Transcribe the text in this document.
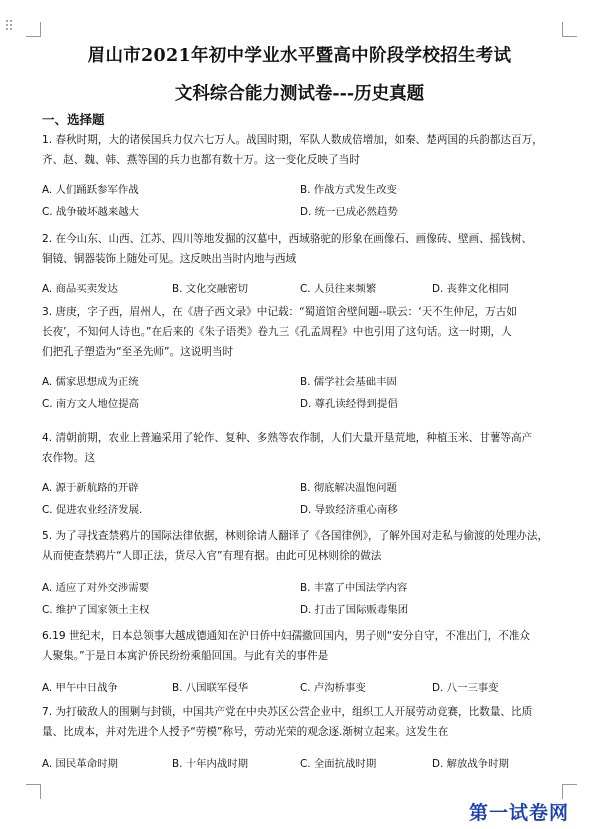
眉山市2021年初中学业水平暨高中阶段学校招生考试
文科综合能力测试卷---历史真题
一、选择题
1. 春秋时期，大的诸侯国兵力仅六七万人。战国时期，军队人数成倍增加，如秦、楚两国的兵韵都达百万，
齐、赵、魏、韩、燕等国的兵力也都有数十万。这一变化反映了当时
A. 人们踊跃参军作战	B. 作战方式发生改变
C. 战争破坏越来越大	D. 统一已成必然趋势
2. 在今山东、山西、江苏、四川等地发掘的汉墓中，西域骆驼的形象在画像石、画像砖、壁画、摇钱树、
铜镜、铜器装饰上随处可见。这反映出当时内地与西域
A. 商品买卖发达	B. 文化交融密切	C. 人员往来频繁	D. 丧葬文化相同
3. 唐庚，字子西，眉州人，在《唐子西文录》中记载：“蜀道馆舍壁间题--联云：‘天不生仲尼，万古如
长夜’，不知何人诗也。”在后来的《朱子语类》卷九三《孔孟周程》中也引用了这句话。这一时期，人
们把孔子塑造为“至圣先师”。这说明当时
A. 儒家思想成为正统	B. 儒学社会基础丰固
C. 南方文人地位提高	D. 尊孔读经得到提倡
4. 清朝前期，农业上普遍采用了轮作、复种、多熟等农作制，人们大量开垦荒地，种植玉米、甘薯等高产
农作物。这
A. 源于新航路的开辟	B. 彻底解决温饱问题
C. 促进农业经济发展.	D. 导致经济重心南移
5. 为了寻找查禁鸦片的国际法律依据，林则徐请人翻译了《各国律例》，了解外国对走私与偷渡的处理办法，
从而使查禁鸦片“人即正法，货尽入官”有理有据。由此可见林则徐的做法
A. 适应了对外交涉需要	B. 丰富了中国法学内容
C. 维护了国家领土主权	D. 打击了国际贩毒集团
6.19 世纪末，日本总领事大越成德通知在沪日侨中妇孺撤回国内，男子则“安分自守，不准出门，不准众
人聚集。”于是日本寓沪侨民纷纷乘船回国。与此有关的事件是
A. 甲午中日战争	B. 八国联军侵华	C. 卢沟桥事变	D. 八一三事变
7. 为打破敌人的围剿与封锁，中国共产党在中央苏区公营企业中，组织工人开展劳动竞赛，比数量、比质
量、比成本，并对先进个人授予“劳模”称号，劳动光荣的观念逐.渐树立起来。这发生在
A. 国民革命时期	B. 十年内战时期	C. 全面抗战时期	D. 解放战争时期
第一试卷网
